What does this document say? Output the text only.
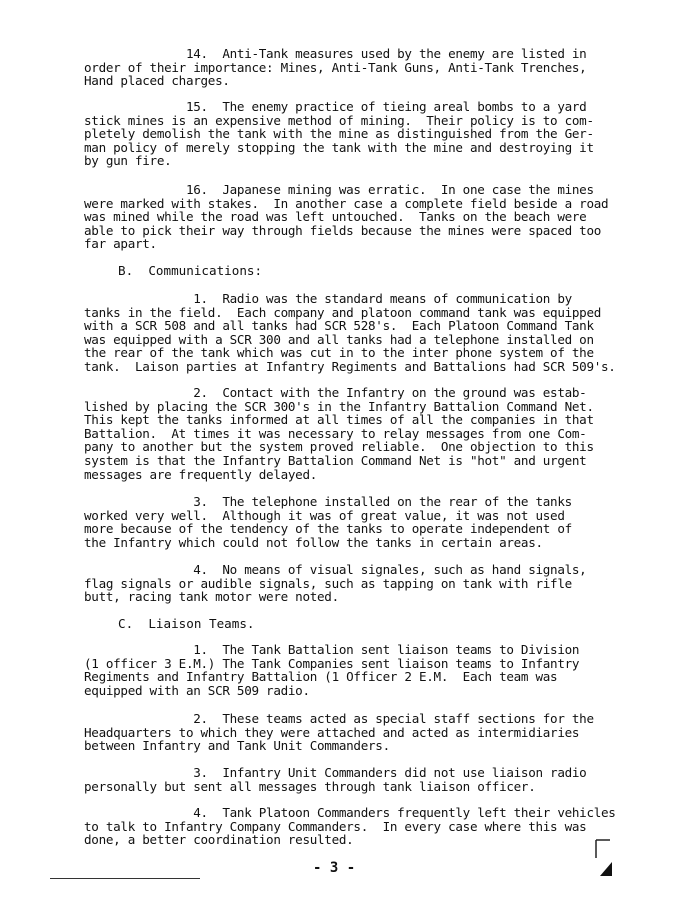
14.  Anti-Tank measures used by the enemy are listed in
order of their importance: Mines, Anti-Tank Guns, Anti-Tank Trenches,
Hand placed charges.
15.  The enemy practice of tieing areal bombs to a yard
stick mines is an expensive method of mining.  Their policy is to com-
pletely demolish the tank with the mine as distinguished from the Ger-
man policy of merely stopping the tank with the mine and destroying it
by gun fire.
16.  Japanese mining was erratic.  In one case the mines
were marked with stakes.  In another case a complete field beside a road
was mined while the road was left untouched.  Tanks on the beach were
able to pick their way through fields because the mines were spaced too
far apart.
B.  Communications:
1.  Radio was the standard means of communication by
tanks in the field.  Each company and platoon command tank was equipped
with a SCR 508 and all tanks had SCR 528's.  Each Platoon Command Tank
was equipped with a SCR 300 and all tanks had a telephone installed on
the rear of the tank which was cut in to the inter phone system of the
tank.  Laison parties at Infantry Regiments and Battalions had SCR 509's.
2.  Contact with the Infantry on the ground was estab-
lished by placing the SCR 300's in the Infantry Battalion Command Net.
This kept the tanks informed at all times of all the companies in that
Battalion.  At times it was necessary to relay messages from one Com-
pany to another but the system proved reliable.  One objection to this
system is that the Infantry Battalion Command Net is "hot" and urgent
messages are frequently delayed.
3.  The telephone installed on the rear of the tanks
worked very well.  Although it was of great value, it was not used
more because of the tendency of the tanks to operate independent of
the Infantry which could not follow the tanks in certain areas.
4.  No means of visual signales, such as hand signals,
flag signals or audible signals, such as tapping on tank with rifle
butt, racing tank motor were noted.
C.  Liaison Teams.
1.  The Tank Battalion sent liaison teams to Division
(1 officer 3 E.M.) The Tank Companies sent liaison teams to Infantry
Regiments and Infantry Battalion (1 Officer 2 E.M.  Each team was
equipped with an SCR 509 radio.
2.  These teams acted as special staff sections for the
Headquarters to which they were attached and acted as intermidiaries
between Infantry and Tank Unit Commanders.
3.  Infantry Unit Commanders did not use liaison radio
personally but sent all messages through tank liaison officer.
4.  Tank Platoon Commanders frequently left their vehicles
to talk to Infantry Company Commanders.  In every case where this was
done, a better coordination resulted.
- 3 -
